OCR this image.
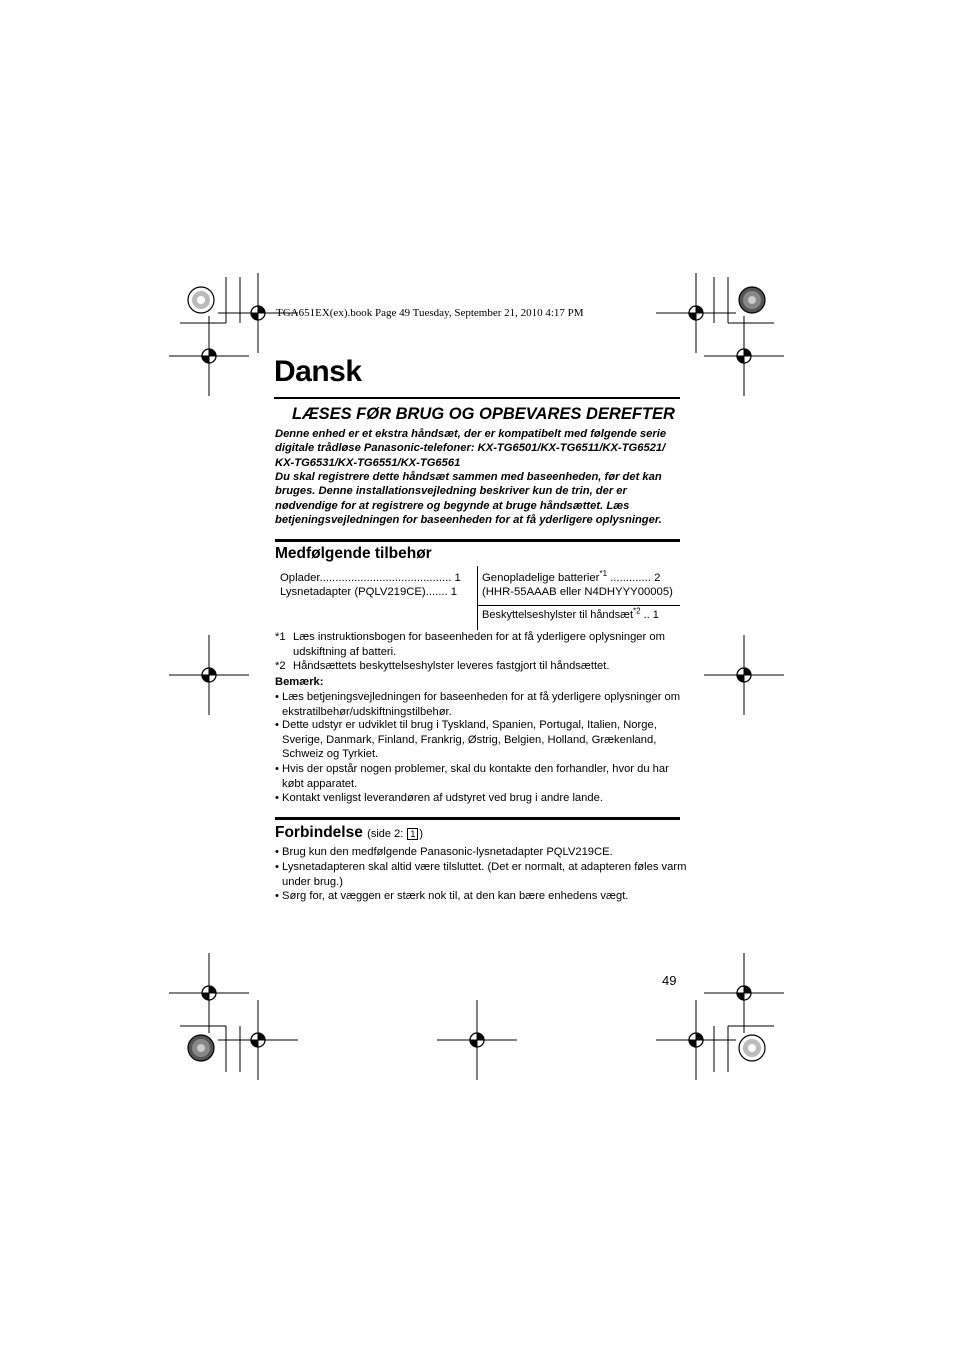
TGA651EX(ex).book Page 49 Tuesday, September 21, 2010 4:17 PM
Dansk
LÆSES FØR BRUG OG OPBEVARES DEREFTER
Denne enhed er et ekstra håndsæt, der er kompatibelt med følgende serie digitale trådløse Panasonic-telefoner: KX-TG6501/KX-TG6511/KX-TG6521/ KX-TG6531/KX-TG6551/KX-TG6561
Du skal registrere dette håndsæt sammen med baseenheden, før det kan bruges. Denne installationsvejledning beskriver kun de trin, der er nødvendige for at registrere og begynde at bruge håndsættet. Læs betjeningsvejledningen for baseenheden for at få yderligere oplysninger.
Medfølgende tilbehør
Oplader.......................................... 1
Lysnetadapter (PQLV219CE)....... 1
Genopladelige batterier$^{*1}$ ............. 2
(HHR-55AAAB eller N4DHYYY00005)
Beskyttelseshylster til håndsæt$^{*2}$ .. 1
*1 Læs instruktionsbogen for baseenheden for at få yderligere oplysninger om udskiftning af batteri.
*2 Håndsættets beskyttelseshylster leveres fastgjort til håndsættet.
Bemærk:
• Læs betjeningsvejledningen for baseenheden for at få yderligere oplysninger om ekstratilbehør/udskiftningstilbehør.
• Dette udstyr er udviklet til brug i Tyskland, Spanien, Portugal, Italien, Norge, Sverige, Danmark, Finland, Frankrig, Østrig, Belgien, Holland, Grækenland, Schweiz og Tyrkiet.
• Hvis der opstår nogen problemer, skal du kontakte den forhandler, hvor du har købt apparatet.
• Kontakt venligst leverandøren af udstyret ved brug i andre lande.
Forbindelse (side 2: 1 )
• Brug kun den medfølgende Panasonic-lysnetadapter PQLV219CE.
• Lysnetadapteren skal altid være tilsluttet. (Det er normalt, at adapteren føles varm under brug.)
• Sørg for, at væggen er stærk nok til, at den kan bære enhedens vægt.
49
